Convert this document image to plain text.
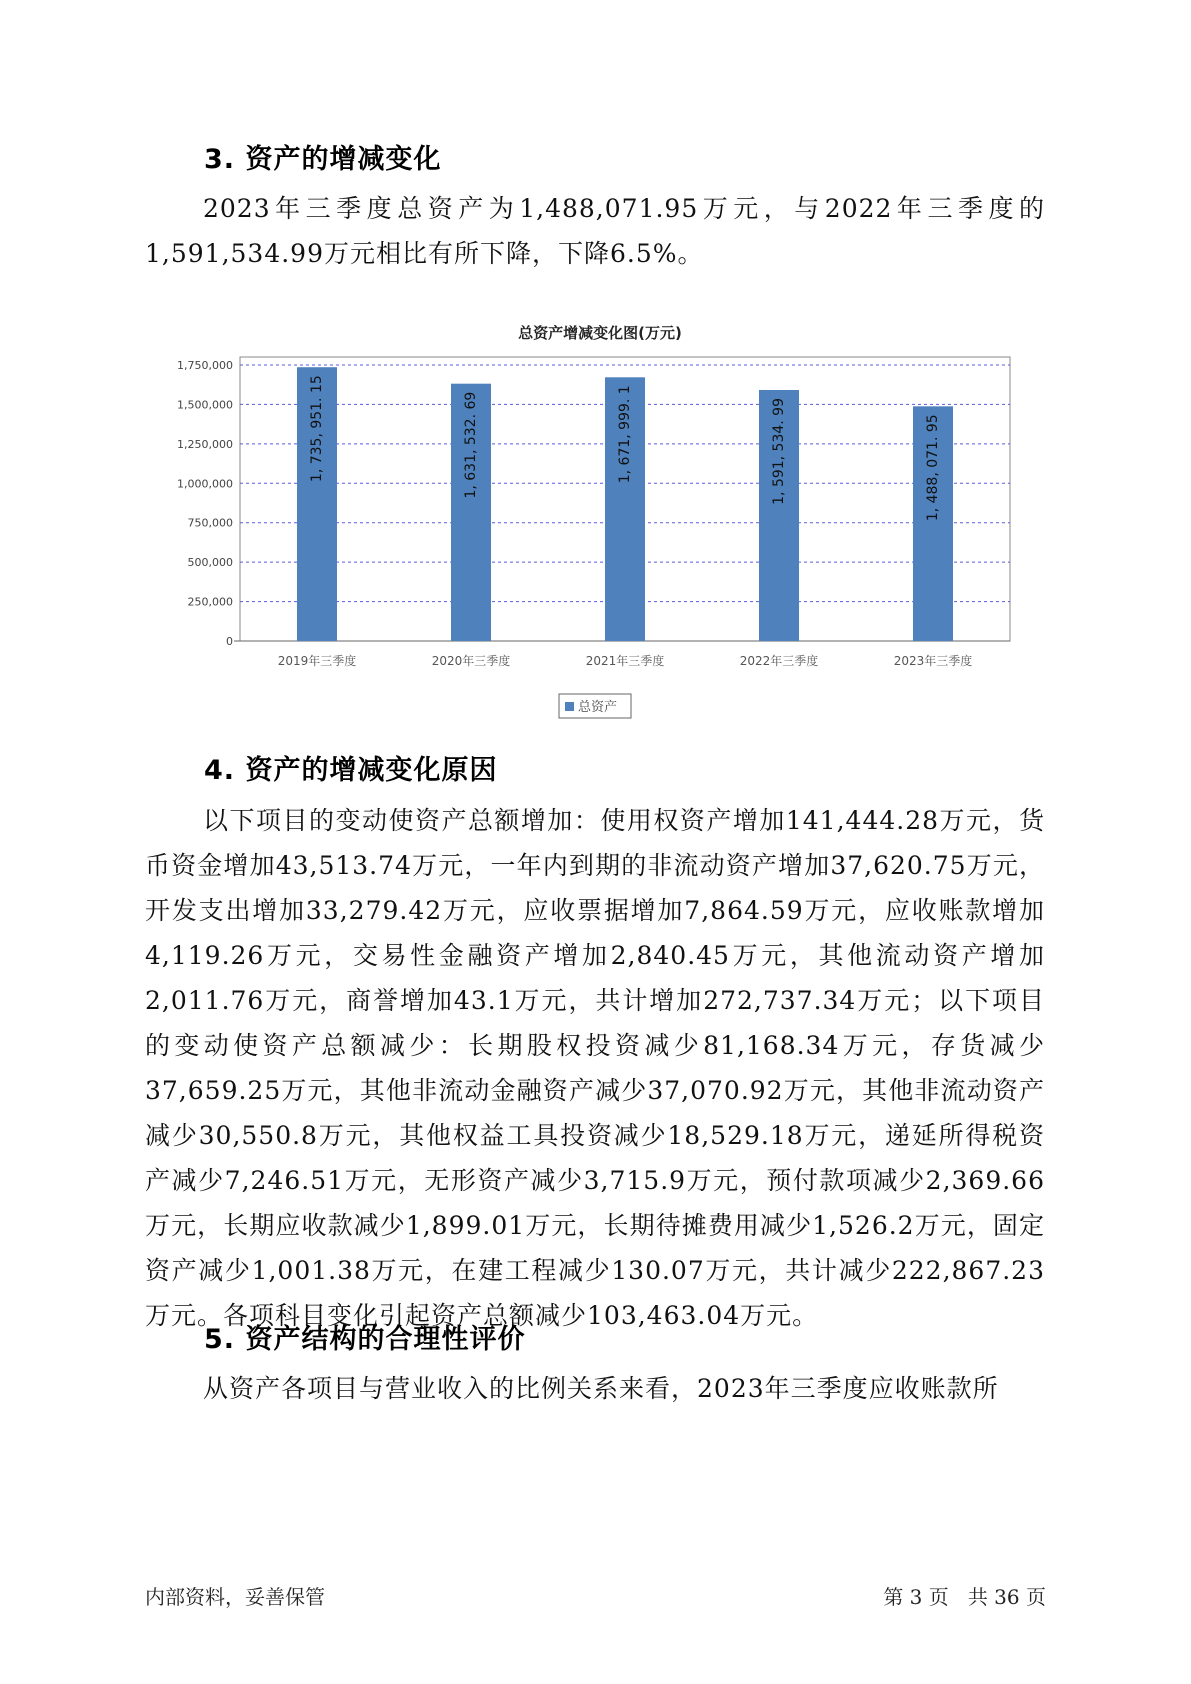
3. 资产的增减变化

2023年三季度总资产为1,488,071.95万元，与2022年三季度的1,591,534.99万元相比有所下降，下降6.5%。

总资产增减变化图(万元)
0
250,000
500,000
750,000
1,000,000
1,250,000
1,500,000
1,750,000
1, 735, 951. 15
2019年三季度
1, 631, 532. 69
2020年三季度
1, 671, 999. 1
2021年三季度
1, 591, 534. 99
2022年三季度
1, 488, 071. 95
2023年三季度
总资产
4. 资产的增减变化原因

以下项目的变动使资产总额增加：使用权资产增加141,444.28万元，货币资金增加43,513.74万元，一年内到期的非流动资产增加37,620.75万元，开发支出增加33,279.42万元，应收票据增加7,864.59万元，应收账款增加4,119.26万元，交易性金融资产增加2,840.45万元，其他流动资产增加2,011.76万元，商誉增加43.1万元，共计增加272,737.34万元；以下项目的变动使资产总额减少：长期股权投资减少81,168.34万元，存货减少37,659.25万元，其他非流动金融资产减少37,070.92万元，其他非流动资产减少30,550.8万元，其他权益工具投资减少18,529.18万元，递延所得税资产减少7,246.51万元，无形资产减少3,715.9万元，预付款项减少2,369.66万元，长期应收款减少1,899.01万元，长期待摊费用减少1,526.2万元，固定资产减少1,001.38万元，在建工程减少130.07万元，共计减少222,867.23万元。各项科目变化引起资产总额减少103,463.04万元。

5. 资产结构的合理性评价

从资产各项目与营业收入的比例关系来看，2023年三季度应收账款所

内部资料，妥善保管	第 3 页   共 36 页
